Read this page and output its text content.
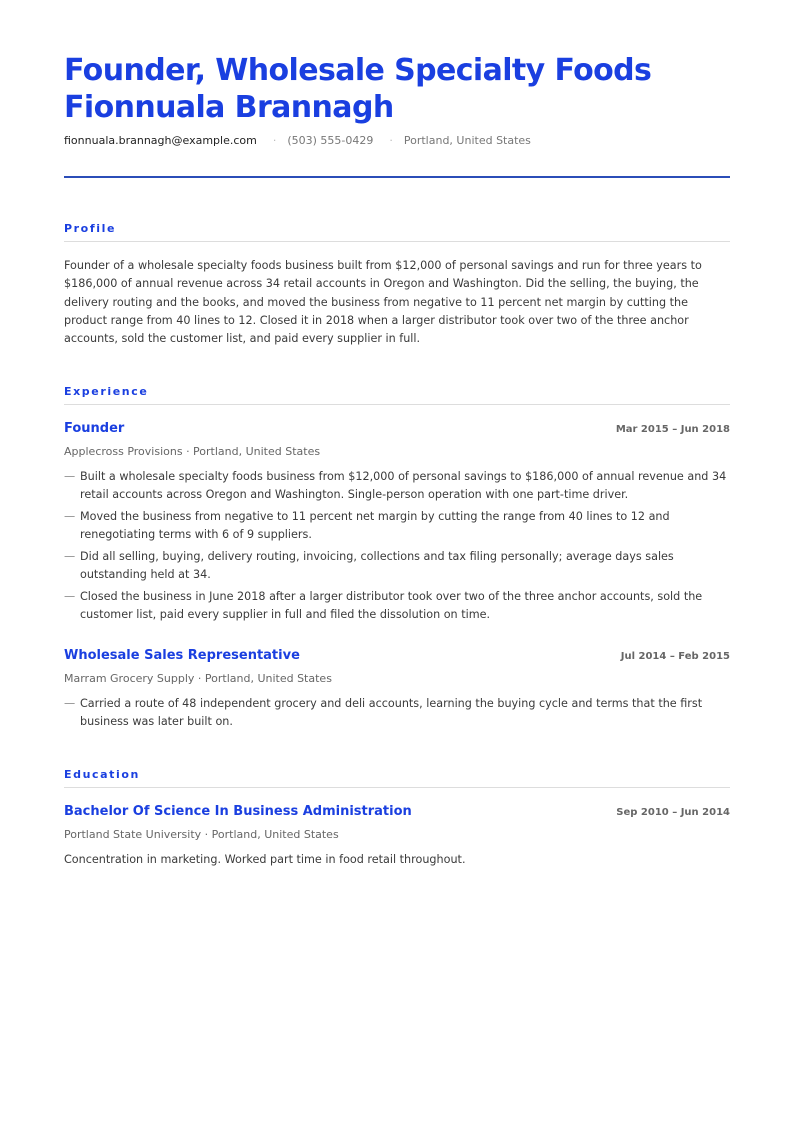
Founder, Wholesale Specialty Foods
Fionnuala Brannagh
fionnuala.brannagh@example.com · (503) 555-0429 · Portland, United States
Profile

Founder of a wholesale specialty foods business built from $12,000 of personal savings and run for three years to $186,000 of annual revenue across 34 retail accounts in Oregon and Washington. Did the selling, the buying, the delivery routing and the books, and moved the business from negative to 11 percent net margin by cutting the product range from 40 lines to 12. Closed it in 2018 when a larger distributor took over two of the three anchor accounts, sold the customer list, and paid every supplier in full.

Experience
Founder	Mar 2015 – Jun 2018
Applecross Provisions · Portland, United States
— Built a wholesale specialty foods business from $12,000 of personal savings to $186,000 of annual revenue and 34 retail accounts across Oregon and Washington. Single-person operation with one part-time driver.
— Moved the business from negative to 11 percent net margin by cutting the range from 40 lines to 12 and renegotiating terms with 6 of 9 suppliers.
— Did all selling, buying, delivery routing, invoicing, collections and tax filing personally; average days sales outstanding held at 34.
— Closed the business in June 2018 after a larger distributor took over two of the three anchor accounts, sold the customer list, paid every supplier in full and filed the dissolution on time.
Wholesale Sales Representative	Jul 2014 – Feb 2015
Marram Grocery Supply · Portland, United States
— Carried a route of 48 independent grocery and deli accounts, learning the buying cycle and terms that the first business was later built on.
Education
Bachelor Of Science In Business Administration	Sep 2010 – Jun 2014
Portland State University · Portland, United States

Concentration in marketing. Worked part time in food retail throughout.
